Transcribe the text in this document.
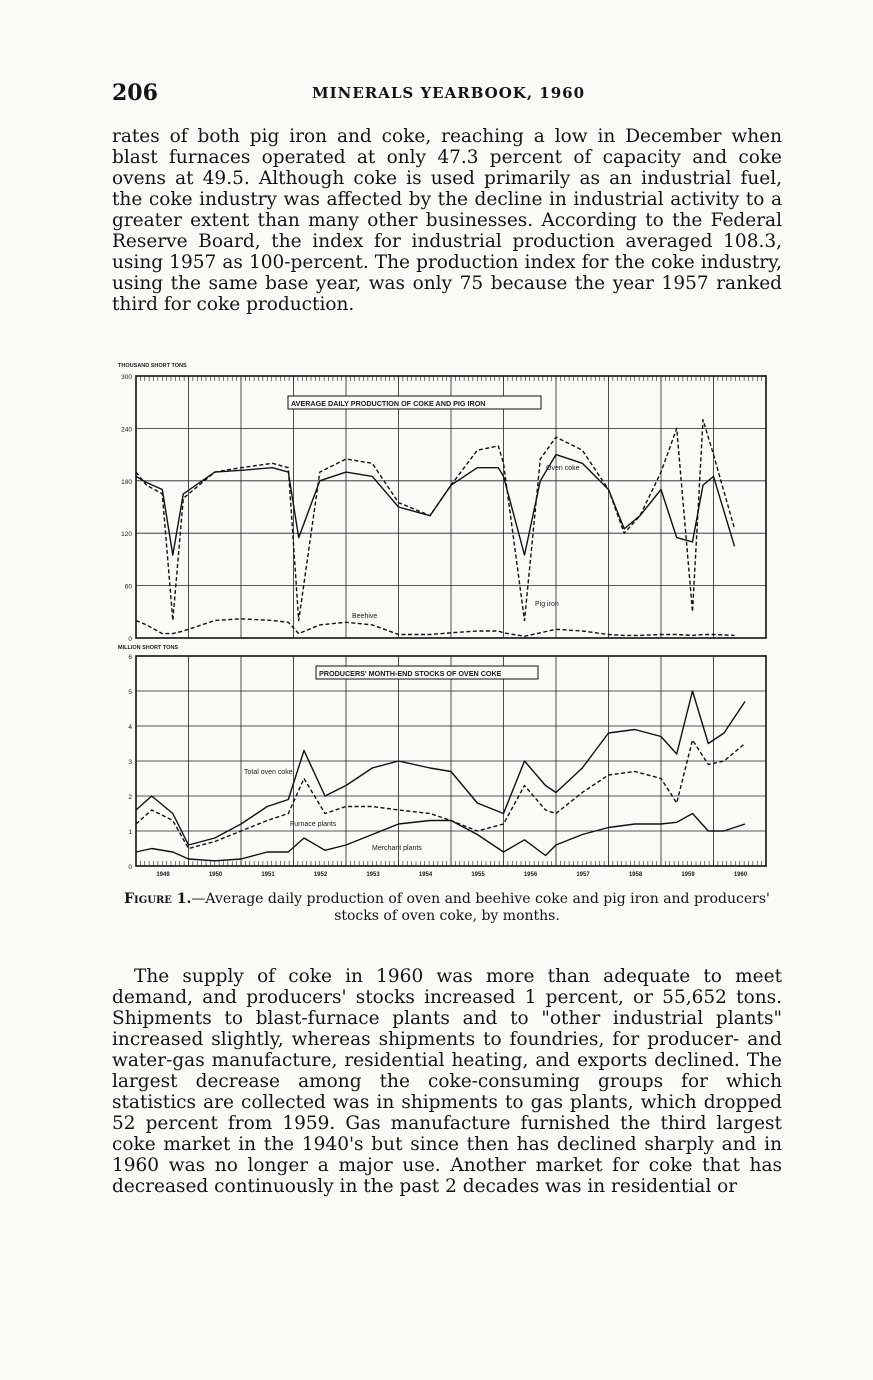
206	MINERALS YEARBOOK, 1960

rates of both pig iron and coke, reaching a low in December when blast furnaces operated at only 47.3 percent of capacity and coke ovens at 49.5. Although coke is used primarily as an industrial fuel, the coke industry was affected by the decline in industrial activity to a greater extent than many other businesses. According to the Federal Reserve Board, the index for industrial production averaged 108.3, using 1957 as 100-percent. The production index for the coke industry, using the same base year, was only 75 because the year 1957 ranked third for coke production.

THOUSAND SHORT TONS
MILLION SHORT TONS
300
240
180
120
60
0
6
5
4
3
2
1
0
1949	1950	1951	1952	1953	1954	1955	1956	1957	1958	1959	1960
AVERAGE DAILY PRODUCTION OF COKE AND PIG IRON
PRODUCERS' MONTH-END STOCKS OF OVEN COKE
Oven coke
Pig iron
Beehive
Total oven coke
Furnace plants
Merchant plants

Figure 1.—Average daily production of oven and beehive coke and pig iron and producers' stocks of oven coke, by months.

The supply of coke in 1960 was more than adequate to meet demand, and producers' stocks increased 1 percent, or 55,652 tons. Shipments to blast-furnace plants and to "other industrial plants" increased slightly, whereas shipments to foundries, for producer- and water-gas manufacture, residential heating, and exports declined. The largest decrease among the coke-consuming groups for which statistics are collected was in shipments to gas plants, which dropped 52 percent from 1959. Gas manufacture furnished the third largest coke market in the 1940's but since then has declined sharply and in 1960 was no longer a major use. Another market for coke that has decreased continuously in the past 2 decades was in residential or
